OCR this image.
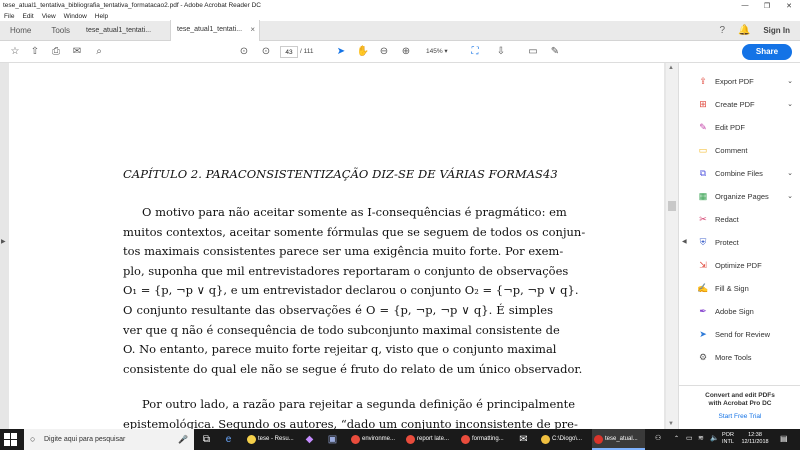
tese_atual1_tentativa_bibliografia_tentativa_formatacao2.pdf - Adobe Acrobat Reader DC	—	❐	✕
File	Edit	View	Window	Help
Home	Tools	tese_atual1_tentati...	tese_atual1_tentati... ×	?	🔔	Sign In
☆ ⇧	⎙	✉	⌕	⊙ ⊙	43	/ 111 ➤ ✋ ⊖ ⊕	145% ▾	⛶	⇩ ▭ ✎	Share
▶
CAPÍTULO 2. PARACONSISTENTIZAÇÃO DIZ-SE DE VÁRIAS FORMAS43
O motivo para não aceitar somente as I-consequências é pragmático: em
muitos contextos, aceitar somente fórmulas que se seguem de todos os conjun-
tos maximais consistentes parece ser uma exigência muito forte. Por exem-
plo, suponha que mil entrevistadores reportaram o conjunto de observações
O₁ = {p, ¬p ∨ q}, e um entrevistador declarou o conjunto O₂ = {¬p, ¬p ∨ q}.
O conjunto resultante das observações é O = {p, ¬p, ¬p ∨ q}. É simples
ver que q não é consequência de todo subconjunto maximal consistente de
O. No entanto, parece muito forte rejeitar q, visto que o conjunto maximal
consistente do qual ele não se segue é fruto do relato de um único observador.
Por outro lado, a razão para rejeitar a segunda definição é principalmente
epistemológica. Segundo os autores, “dado um conjunto inconsistente de pre-
▲
▼
◀
⇪ Export PDF	⌄
⊞ Create PDF	⌄
✎ Edit PDF
▭ Comment
⧉	Combine Files	⌄
▦ Organize Pages	⌄
✂ Redact
⛨	Protect
⇲ Optimize PDF
✍ Fill & Sign
✒ Adobe Sign
➤ Send for Review
⚙ More Tools
Convert and edit PDFs
with Acrobat Pro DC
Start Free Trial
○ Digite aqui para pesquisar	🎤 ⧉	e	tese - Resu...	environme...	report late...	formatting...	C:\Diogo\...	tese_atual...
✉
◆ ▣	⚇ ⌃ ▭ ≋ 🔈 POR
INTL
12:38
12/11/2018 ▤
